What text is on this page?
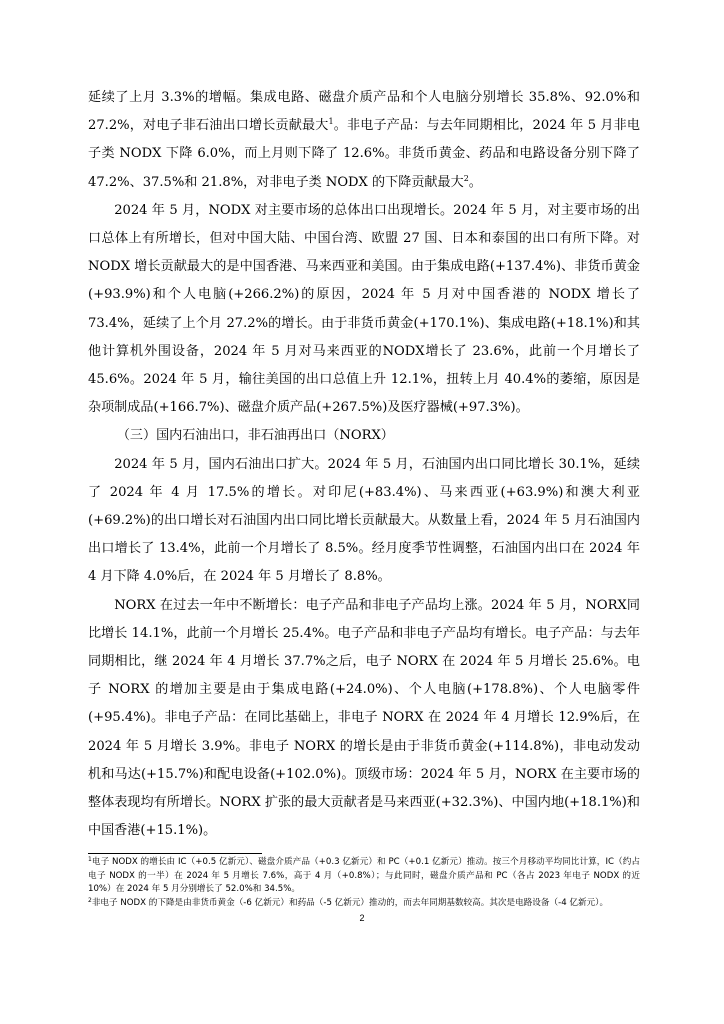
延续了上月 3.3%的增幅。集成电路、磁盘介质产品和个人电脑分别增长 35.8%、92.0%和 27.2%，对电子非石油出口增长贡献最大$^1$。非电子产品：与去年同期相比，2024 年 5 月非电子类 NODX 下降 6.0%，而上月则下降了 12.6%。非货币黄金、药品和电路设备分别下降了 47.2%、37.5%和 21.8%，对非电子类 NODX 的下降贡献最大$^2$。

2024 年 5 月，NODX 对主要市场的总体出口出现增长。2024 年 5 月，对主要市场的出口总体上有所增长，但对中国大陆、中国台湾、欧盟 27 国、日本和泰国的出口有所下降。对 NODX 增长贡献最大的是中国香港、马来西亚和美国。由于集成电路(+137.4%)、非货币黄金(+93.9%)和个人电脑(+266.2%)的原因，2024 年 5 月对中国香港的 NODX 增长了 73.4%，延续了上个月 27.2%的增长。由于非货币黄金(+170.1%)、集成电路(+18.1%)和其他计算机外围设备，2024 年 5 月对马来西亚的NODX增长了 23.6%，此前一个月增长了 45.6%。2024 年 5 月，输往美国的出口总值上升 12.1%，扭转上月 40.4%的萎缩，原因是杂项制成品(+166.7%)、磁盘介质产品(+267.5%)及医疗器械(+97.3%)。

（三）国内石油出口，非石油再出口（NORX）

2024 年 5 月，国内石油出口扩大。2024 年 5 月，石油国内出口同比增长 30.1%，延续了 2024 年 4 月 17.5%的增长。对印尼(+83.4%)、马来西亚(+63.9%)和澳大利亚(+69.2%)的出口增长对石油国内出口同比增长贡献最大。从数量上看，2024 年 5 月石油国内出口增长了 13.4%，此前一个月增长了 8.5%。经月度季节性调整，石油国内出口在 2024 年 4 月下降 4.0%后，在 2024 年 5 月增长了 8.8%。

NORX 在过去一年中不断增长：电子产品和非电子产品均上涨。2024 年 5 月，NORX同比增长 14.1%，此前一个月增长 25.4%。电子产品和非电子产品均有增长。电子产品：与去年同期相比，继 2024 年 4 月增长 37.7%之后，电子 NORX 在 2024 年 5 月增长 25.6%。电子 NORX 的增加主要是由于集成电路(+24.0%)、个人电脑(+178.8%)、个人电脑零件(+95.4%)。非电子产品：在同比基础上，非电子 NORX 在 2024 年 4 月增长 12.9%后，在 2024 年 5 月增长 3.9%。非电子 NORX 的增长是由于非货币黄金(+114.8%)，非电动发动机和马达(+15.7%)和配电设备(+102.0%)。顶级市场：2024 年 5 月，NORX 在主要市场的整体表现均有所增长。NORX 扩张的最大贡献者是马来西亚(+32.3%)、中国内地(+18.1%)和中国香港(+15.1%)。

$^1$电子 NODX 的增长由 IC（+0.5 亿新元）、磁盘介质产品（+0.3 亿新元）和 PC（+0.1 亿新元）推动。按三个月移动平均同比计算，IC（约占电子 NODX 的一半）在 2024 年 5 月增长 7.6%，高于 4 月（+0.8%）；与此同时，磁盘介质产品和 PC（各占 2023 年电子 NODX 的近 10%）在 2024 年 5 月分别增长了 52.0%和 34.5%。

$^2$非电子 NODX 的下降是由非货币黄金（-6 亿新元）和药品（-5 亿新元）推动的，而去年同期基数较高。其次是电路设备（-4 亿新元）。

2
